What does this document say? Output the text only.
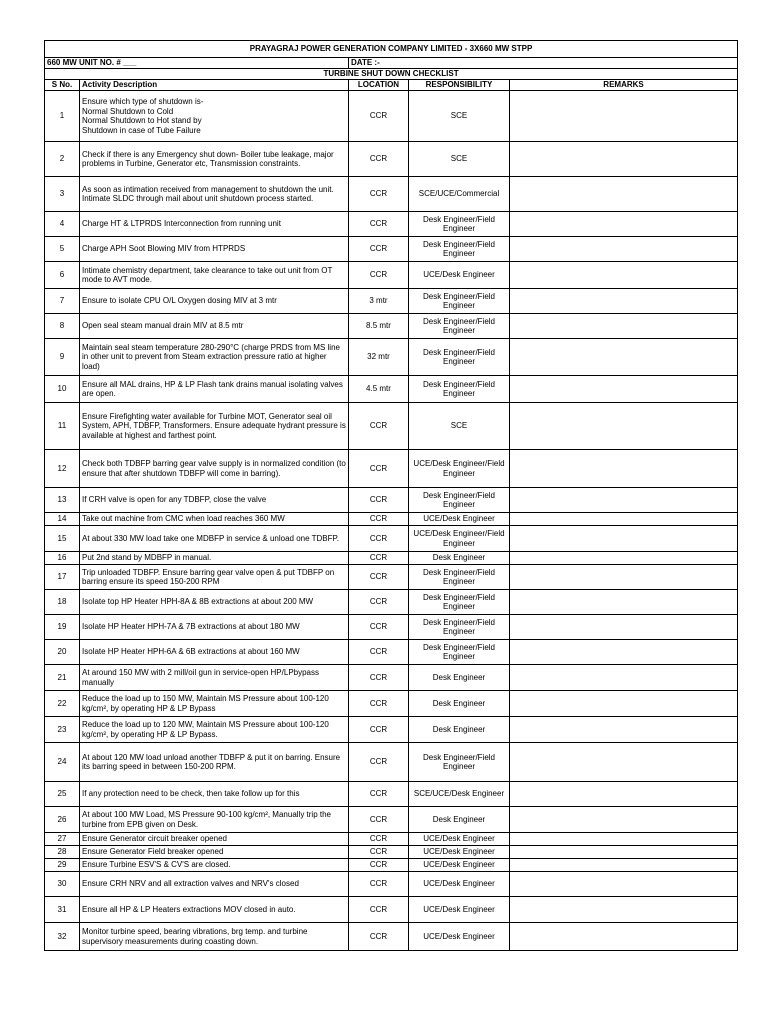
PRAYAGRAJ POWER GENERATION COMPANY LIMITED - 3X660 MW STPP				
660 MW UNIT NO. # ___		DATE :-		
TURBINE SHUT DOWN CHECKLIST				
S No.	Activity Description	LOCATION	RESPONSIBILITY	REMARKS
1	Ensure which type of shutdown is-
Normal Shutdown to Cold
Normal Shutdown to Hot stand by
Shutdown in case of Tube Failure	CCR	SCE	
2	Check if there is any Emergency shut down- Boiler tube leakage, major problems in Turbine, Generator etc, Transmission constraints.	CCR	SCE	
3	As soon as intimation received from management to shutdown the unit. Intimate SLDC through mail about unit shutdown process started.	CCR	SCE/UCE/Commercial	
4	Charge HT & LTPRDS Interconnection from running unit	CCR	Desk Engineer/Field Engineer	
5	Charge APH Soot Blowing MIV from HTPRDS	CCR	Desk Engineer/Field Engineer	
6	Intimate chemistry department, take clearance to take out unit from OT mode to AVT mode.	CCR	UCE/Desk Engineer	
7	Ensure to isolate CPU O/L Oxygen dosing MIV at 3 mtr	3 mtr	Desk Engineer/Field Engineer	
8	Open seal steam manual drain MIV at 8.5 mtr	8.5 mtr	Desk Engineer/Field Engineer	
9	Maintain seal steam temperature 280-290°C (charge PRDS from MS line in other unit to prevent from Steam extraction pressure ratio at higher load)	32 mtr	Desk Engineer/Field Engineer	
10	Ensure all MAL drains, HP & LP Flash tank drains manual isolating valves are open.	4.5 mtr	Desk Engineer/Field Engineer	
11	Ensure Firefighting water available for Turbine MOT, Generator seal oil System, APH, TDBFP, Transformers. Ensure adequate hydrant pressure is available at highest and farthest point.	CCR	SCE	
12	Check both TDBFP barring gear valve supply is in normalized condition (to ensure that after shutdown TDBFP will come in barring).	CCR	UCE/Desk Engineer/Field Engineer	
13	If CRH valve is open for any TDBFP, close the valve	CCR	Desk Engineer/Field Engineer	
14	Take out machine from CMC when load reaches 360 MW	CCR	UCE/Desk Engineer	
15	At about 330 MW load take one MDBFP in service & unload one TDBFP.	CCR	UCE/Desk Engineer/Field Engineer	
16	Put 2nd stand by MDBFP in manual.	CCR	Desk Engineer	
17	Trip unloaded TDBFP. Ensure barring gear valve open & put TDBFP on barring ensure its speed 150-200 RPM	CCR	Desk Engineer/Field Engineer	
18	Isolate top HP Heater HPH-8A & 8B extractions at about 200 MW	CCR	Desk Engineer/Field Engineer	
19	Isolate HP Heater HPH-7A & 7B extractions at about 180 MW	CCR	Desk Engineer/Field Engineer	
20	Isolate HP Heater HPH-6A & 6B extractions at about 160 MW	CCR	Desk Engineer/Field Engineer	
21	At around 150 MW with 2 mill/oil gun in service-open HP/LPbypass manually	CCR	Desk Engineer	
22	Reduce the load up to 150 MW, Maintain MS Pressure about 100-120 kg/cm², by operating HP & LP Bypass	CCR	Desk Engineer	
23	Reduce the load up to 120 MW, Maintain MS Pressure about 100-120 kg/cm², by operating HP & LP Bypass.	CCR	Desk Engineer	
24	At about 120 MW load unload another TDBFP & put it on barring. Ensure its barring speed in between 150-200 RPM.	CCR	Desk Engineer/Field Engineer	
25	If any protection need to be check, then take follow up for this	CCR	SCE/UCE/Desk Engineer	
26	At about 100 MW Load, MS Pressure 90-100 kg/cm², Manually trip the turbine from EPB given on Desk.	CCR	Desk Engineer	
27	Ensure Generator circuit breaker opened	CCR	UCE/Desk Engineer	
28	Ensure Generator Field breaker opened	CCR	UCE/Desk Engineer	
29	Ensure Turbine ESV'S & CV'S are closed.	CCR	UCE/Desk Engineer	
30	Ensure CRH NRV and all extraction valves and NRV's closed	CCR	UCE/Desk Engineer	
31	Ensure all HP & LP Heaters extractions MOV closed in auto.	CCR	UCE/Desk Engineer	
32	Monitor turbine speed, bearing vibrations, brg temp. and turbine supervisory measurements during coasting down.	CCR	UCE/Desk Engineer	
